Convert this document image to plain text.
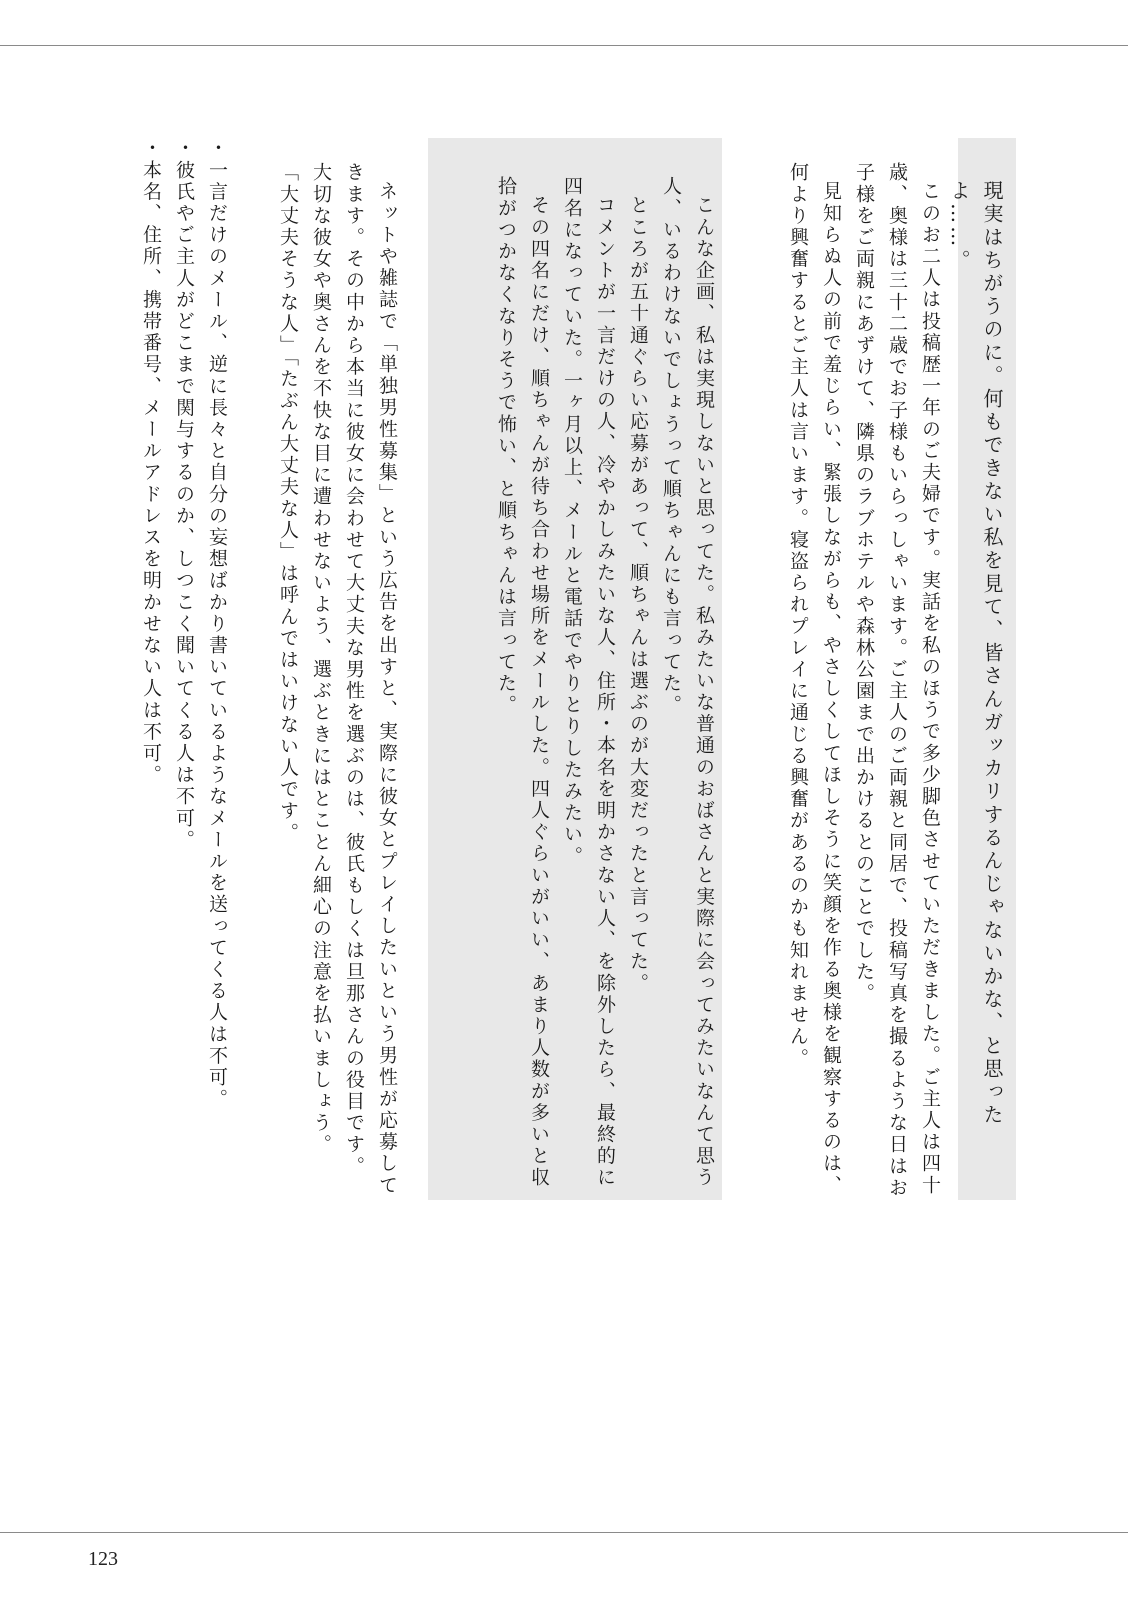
現実はちがうのに。何もできない私を見て、皆さんガッカリするんじゃないかな、と思ったよ……。

このお二人は投稿歴一年のご夫婦です。実話を私のほうで多少脚色させていただきました。ご主人は四十歳、奥様は三十二歳でお子様もいらっしゃいます。ご主人のご両親と同居で、投稿写真を撮るような日はお子様をご両親にあずけて、隣県のラブホテルや森林公園まで出かけるとのことでした。

見知らぬ人の前で羞じらい、緊張しながらも、やさしくしてほしそうに笑顔を作る奥様を観察するのは、何より興奮するとご主人は言います。寝盗られプレイに通じる興奮があるのかも知れません。

こんな企画、私は実現しないと思ってた。私みたいな普通のおばさんと実際に会ってみたいなんて思う人、いるわけないでしょうって順ちゃんにも言ってた。

ところが五十通ぐらい応募があって、順ちゃんは選ぶのが大変だったと言ってた。

コメントが一言だけの人、冷やかしみたいな人、住所・本名を明かさない人、を除外したら、最終的に四名になっていた。一ヶ月以上、メールと電話でやりとりしたみたい。

その四名にだけ、順ちゃんが待ち合わせ場所をメールした。四人ぐらいがいい、あまり人数が多いと収拾がつかなくなりそうで怖い、と順ちゃんは言ってた。

ネットや雑誌で「単独男性募集」という広告を出すと、実際に彼女とプレイしたいという男性が応募してきます。その中から本当に彼女に会わせて大丈夫な男性を選ぶのは、彼氏もしくは旦那さんの役目です。

大切な彼女や奥さんを不快な目に遭わせないよう、選ぶときにはとことん細心の注意を払いましょう。

「大丈夫そうな人」「たぶん大丈夫な人」は呼んではいけない人です。

・一言だけのメール、逆に長々と自分の妄想ばかり書いているようなメールを送ってくる人は不可。

・彼氏やご主人がどこまで関与するのか、しつこく聞いてくる人は不可。

・本名、住所、携帯番号、メールアドレスを明かせない人は不可。

123
